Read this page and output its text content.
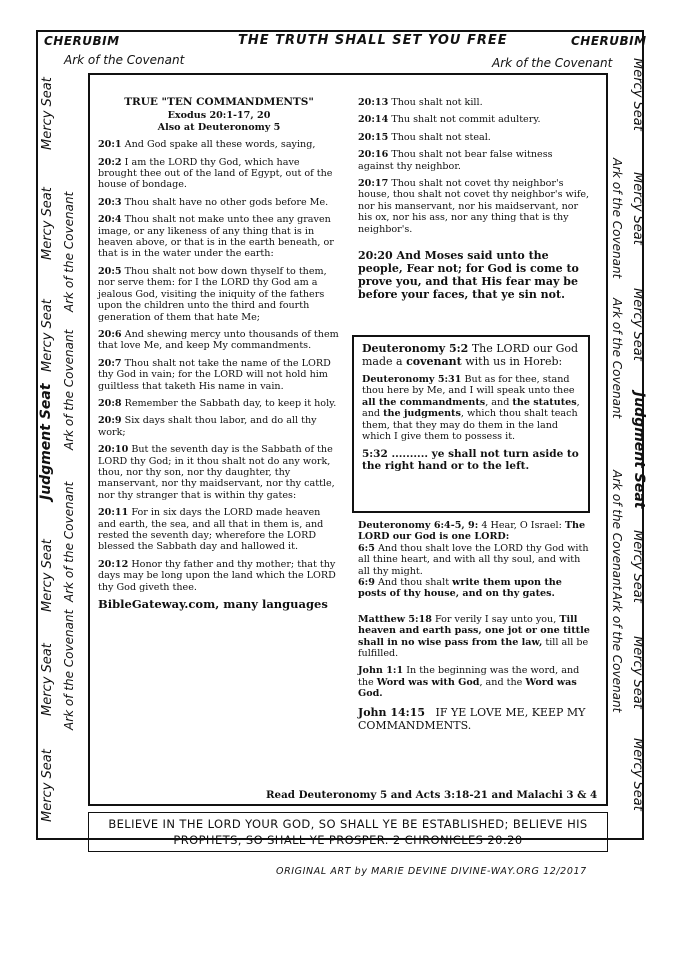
CHERUBIM	THE TRUTH SHALL SET YOU FREE	CHERUBIM
Ark of the Covenant	Ark of the Covenant
Mercy Seat
Mercy Seat
Mercy Seat
Judgment Seat
Mercy Seat
Mercy Seat
Mercy Seat
Ark of the Covenant
Ark of the Covenant
Ark of the Covenant
Ark of the Covenant
Mercy Seat
Mercy Seat
Mercy Seat
Judgment Seat
Mercy Seat
Mercy Seat
Mercy Seat
Ark of the Covenant
Ark of the Covenant
Ark of the Covenant
Ark of the Covenant
TRUE "TEN COMMANDMENTS"
Exodus 20:1-17, 20
Also at Deuteronomy 5

20:1 And God spake all these words, saying,

20:2 I am the LORD thy God, which have brought thee out of the land of Egypt, out of the house of bondage.

20:3 Thou shalt have no other gods before Me.

20:4 Thou shalt not make unto thee any graven image, or any likeness of any thing that is in heaven above, or that is in the earth beneath, or that is in the water under the earth:

20:5 Thou shalt not bow down thyself to them, nor serve them: for I the LORD thy God am a jealous God, visiting the iniquity of the fathers upon the children unto the third and fourth generation of them that hate Me;

20:6 And shewing mercy unto thousands of them that love Me, and keep My commandments.

20:7 Thou shalt not take the name of the LORD thy God in vain; for the LORD will not hold him guiltless that taketh His name in vain.

20:8 Remember the Sabbath day, to keep it holy.

20:9 Six days shalt thou labor, and do all thy work;

20:10 But the seventh day is the Sabbath of the LORD thy God; in it thou shalt not do any work, thou, nor thy son, nor thy daughter, thy manservant, nor thy maidservant, nor thy cattle, nor thy stranger that is within thy gates:

20:11 For in six days the LORD made heaven and earth, the sea, and all that in them is, and rested the seventh day; wherefore the LORD blessed the Sabbath day and hallowed it.

20:12 Honor thy father and thy mother; that thy days may be long upon the land which the LORD thy God giveth thee.

BibleGateway.com, many languages

20:13 Thou shalt not kill.

20:14 Thu shalt not commit adultery.

20:15 Thou shalt not steal.

20:16 Thou shalt not bear false witness against thy neighbor.

20:17 Thou shalt not covet thy neighbor's house, thou shalt not covet thy neighbor's wife, nor his manservant, nor his maidservant, nor his ox, nor his ass, nor any thing that is thy neighbor's.

20:20 And Moses said unto the people, Fear not; for God is come to prove you, and that His fear may be before your faces, that ye sin not.

Deuteronomy 5:2 The LORD our God made a covenant with us in Horeb:

Deuteronomy 5:31 But as for thee, stand thou here by Me, and I will speak unto thee all the commandments, and the statutes, and the judgments, which thou shalt teach them, that they may do them in the land which I give them to possess it.

5:32 .......... ye shall not turn aside to the right hand or to the left.

Deuteronomy 6:4-5, 9: 4 Hear, O Israel: The LORD our God is one LORD:

6:5 And thou shalt love the LORD thy God with all thine heart, and with all thy soul, and with all thy might.

6:9 And thou shalt write them upon the posts of thy house, and on thy gates.

Matthew 5:18 For verily I say unto you, Till heaven and earth pass, one jot or one tittle shall in no wise pass from the law, till all be fulfilled.

John 1:1 In the beginning was the word, and the Word was with God, and the Word was God.

John 14:15 IF YE LOVE ME, KEEP MY COMMANDMENTS.

Read Deuteronomy 5 and Acts 3:18-21 and Malachi 3 & 4
BELIEVE IN THE LORD YOUR GOD, SO SHALL YE BE ESTABLISHED; BELIEVE HIS
PROPHETS, SO SHALL YE PROSPER. 2 CHRONICLES 20:20
ORIGINAL ART by MARIE DEVINE DIVINE-WAY.ORG 12/2017
